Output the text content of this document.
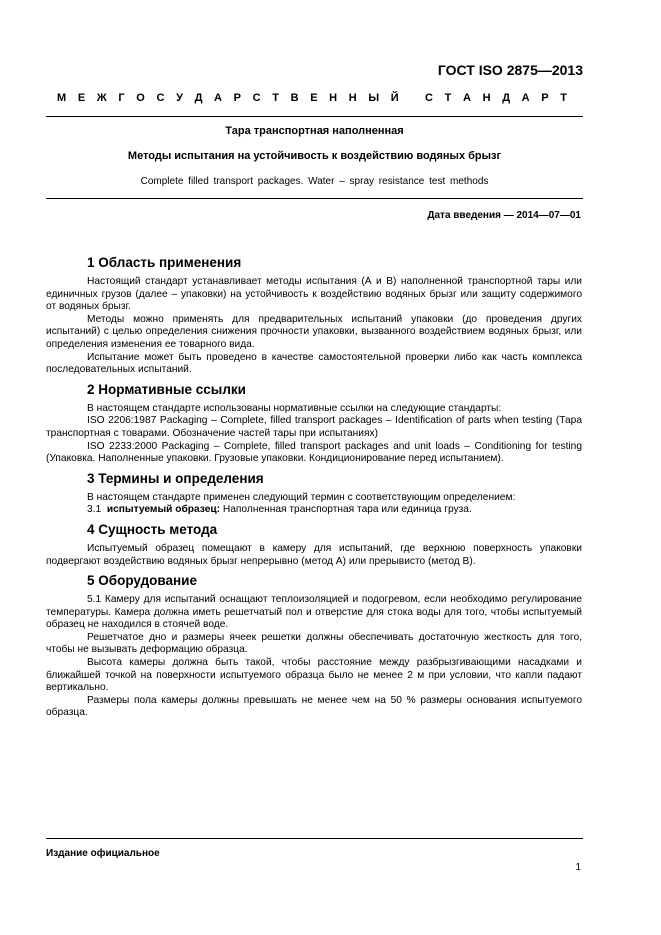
ГОСТ ISO 2875—2013
М Е Ж Г О С У Д А Р С Т В Е Н Н Ы Й
С Т А Н Д А Р Т
Тара транспортная наполненная
Методы испытания на устойчивость к воздействию водяных брызг
Complete filled transport packages. Water – spray resistance test methods
Дата введения — 2014—07—01
1 Область применения

Настоящий стандарт устанавливает методы испытания (А и В) наполненной транспортной тары или единичных грузов (далее – упаковки) на устойчивость к воздействию водяных брызг или защиту содержимого от водяных брызг.

Методы можно применять для предварительных испытаний упаковки (до проведения других испытаний) с целью определения снижения прочности упаковки, вызванного воздействием водяных брызг, или определения изменения ее товарного вида.

Испытание может быть проведено в качестве самостоятельной проверки либо как часть комплекса последовательных испытаний.

2 Нормативные ссылки

В настоящем стандарте использованы нормативные ссылки на следующие стандарты:

ISO 2206:1987 Packaging – Complete, filled transport packages – Identification of parts when testing (Тара транспортная с товарами. Обозначение частей тары при испытаниях)

ISO 2233:2000 Packaging – Complete, filled transport packages and unit loads – Conditioning for testing (Упаковка. Наполненные упаковки. Грузовые упаковки. Кондиционирование перед испытанием).

3 Термины и определения

В настоящем стандарте применен следующий термин с соответствующим определением:

3.1 испытуемый образец: Наполненная транспортная тара или единица груза.

4 Сущность метода

Испытуемый образец помещают в камеру для испытаний, где верхнюю поверхность упаковки подвергают воздействию водяных брызг непрерывно (метод А) или прерывисто (метод В).

5 Оборудование

5.1 Камеру для испытаний оснащают теплоизоляцией и подогревом, если необходимо регулирование температуры. Камера должна иметь решетчатый пол и отверстие для стока воды для того, чтобы испытуемый образец не находился в стоячей воде.

Решетчатое дно и размеры ячеек решетки должны обеспечивать достаточную жесткость для того, чтобы не вызывать деформацию образца.

Высота камеры должна быть такой, чтобы расстояние между разбрызгивающими насадками и ближайшей точкой на поверхности испытуемого образца было не менее 2 м при условии, что капли падают вертикально.

Размеры пола камеры должны превышать не менее чем на 50 % размеры основания испытуемого образца.

Издание официальное
1
